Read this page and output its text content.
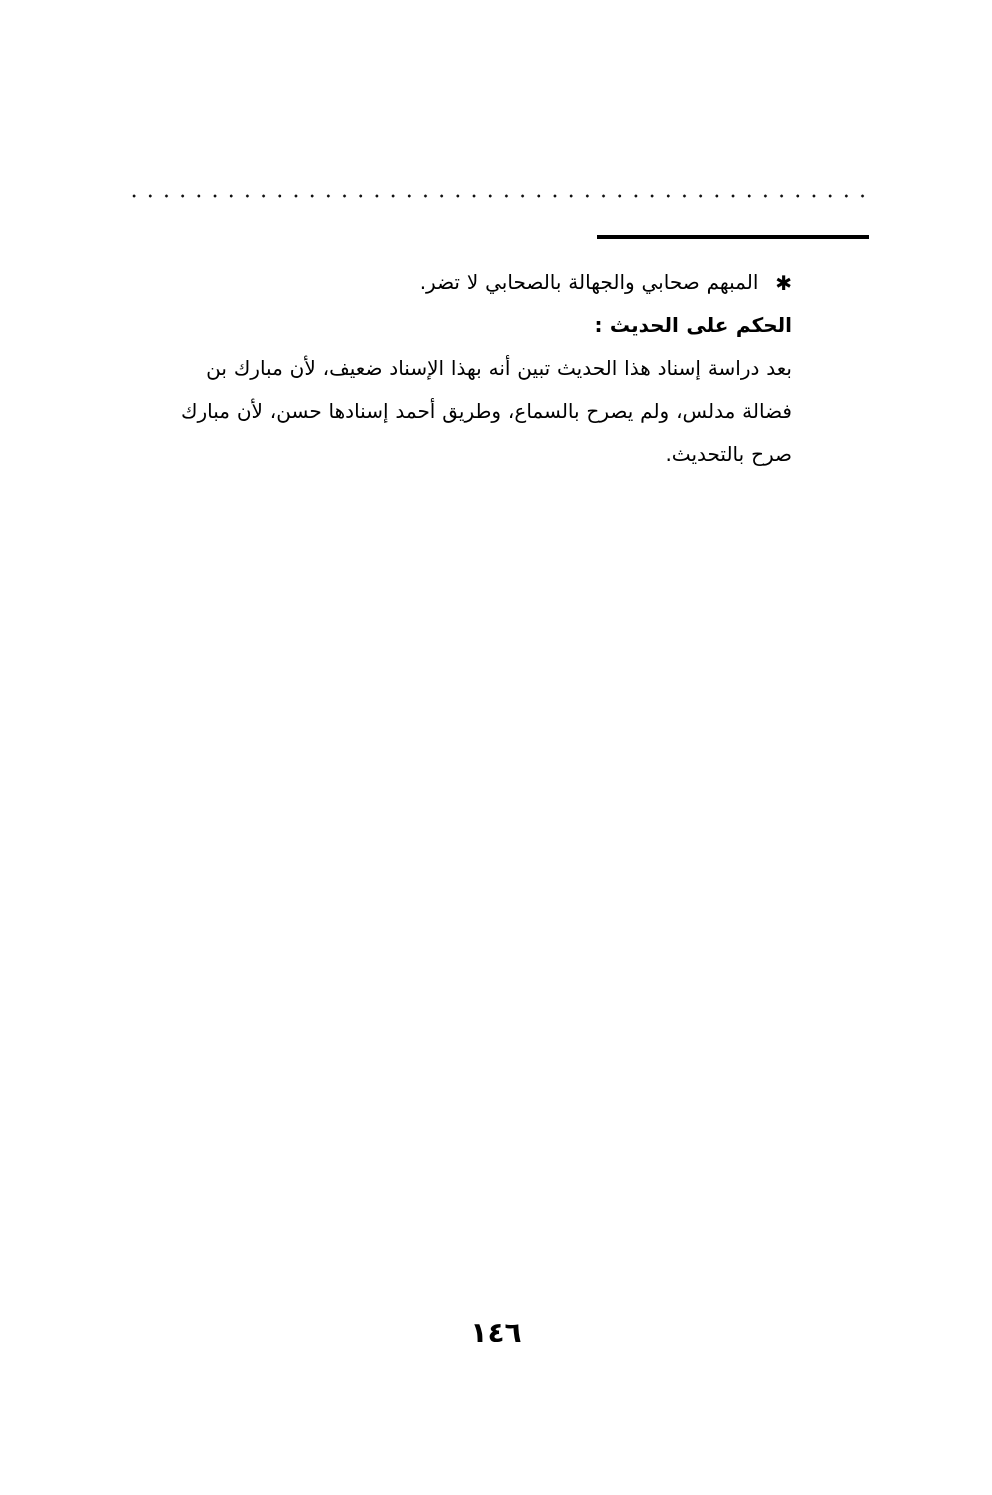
✱ المبهم صحابي والجهالة بالصحابي لا تضر.
الحكم على الحديث :

بعد دراسة إسناد هذا الحديث تبين أنه بهذا الإسناد ضعيف، لأن مبارك بن
فضالة مدلس، ولم يصرح بالسماع، وطريق أحمد إسنادها حسن، لأن مبارك
صرح بالتحديث.

١٤٦
